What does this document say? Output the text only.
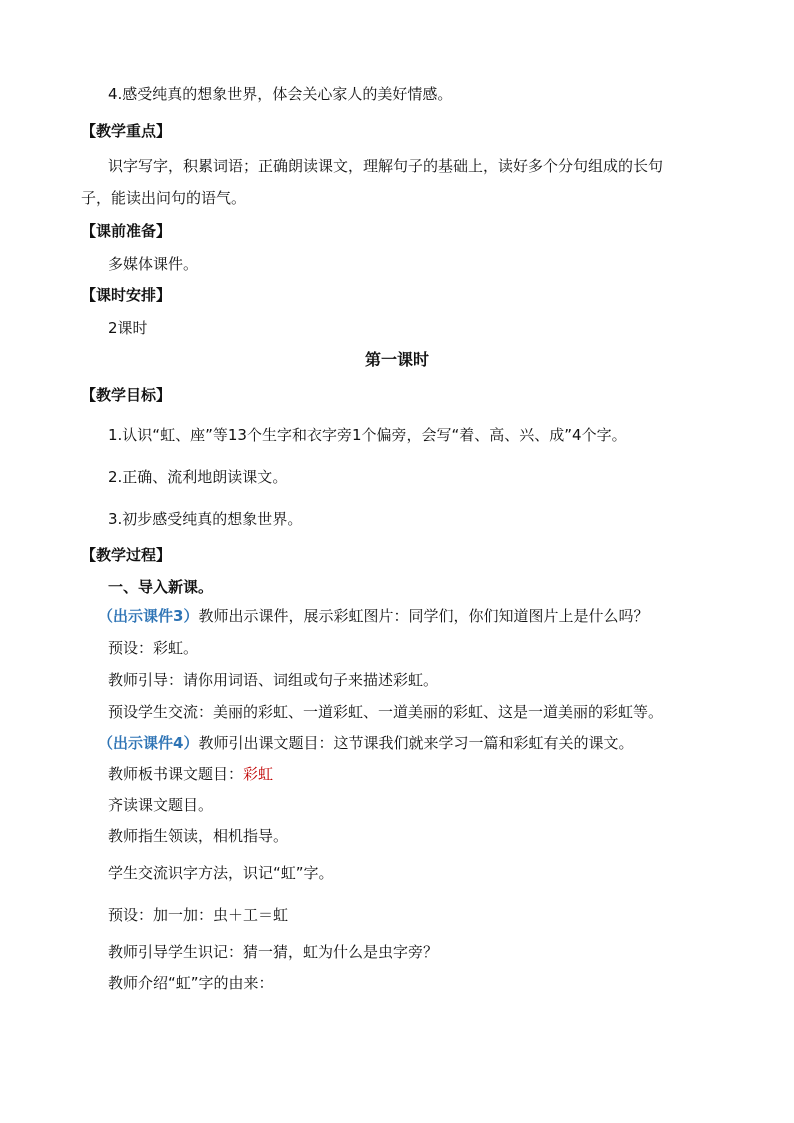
4.感受纯真的想象世界，体会关心家人的美好情感。
【教学重点】
识字写字，积累词语；正确朗读课文，理解句子的基础上，读好多个分句组成的长句
子，能读出问句的语气。
【课前准备】
多媒体课件。
【课时安排】
2课时
第一课时
【教学目标】
1.认识“虹、座”等13个生字和衣字旁1个偏旁，会写“着、高、兴、成”4个字。
2.正确、流利地朗读课文。
3.初步感受纯真的想象世界。
【教学过程】
一、导入新课。
（出示课件3）教师出示课件，展示彩虹图片：同学们，你们知道图片上是什么吗？
预设：彩虹。
教师引导：请你用词语、词组或句子来描述彩虹。
预设学生交流：美丽的彩虹、一道彩虹、一道美丽的彩虹、这是一道美丽的彩虹等。
（出示课件4）教师引出课文题目：这节课我们就来学习一篇和彩虹有关的课文。
教师板书课文题目：彩虹
齐读课文题目。
教师指生领读，相机指导。
学生交流识字方法，识记“虹”字。
预设：加一加：虫＋工＝虹
教师引导学生识记：猜一猜，虹为什么是虫字旁？
教师介绍“虹”字的由来：
